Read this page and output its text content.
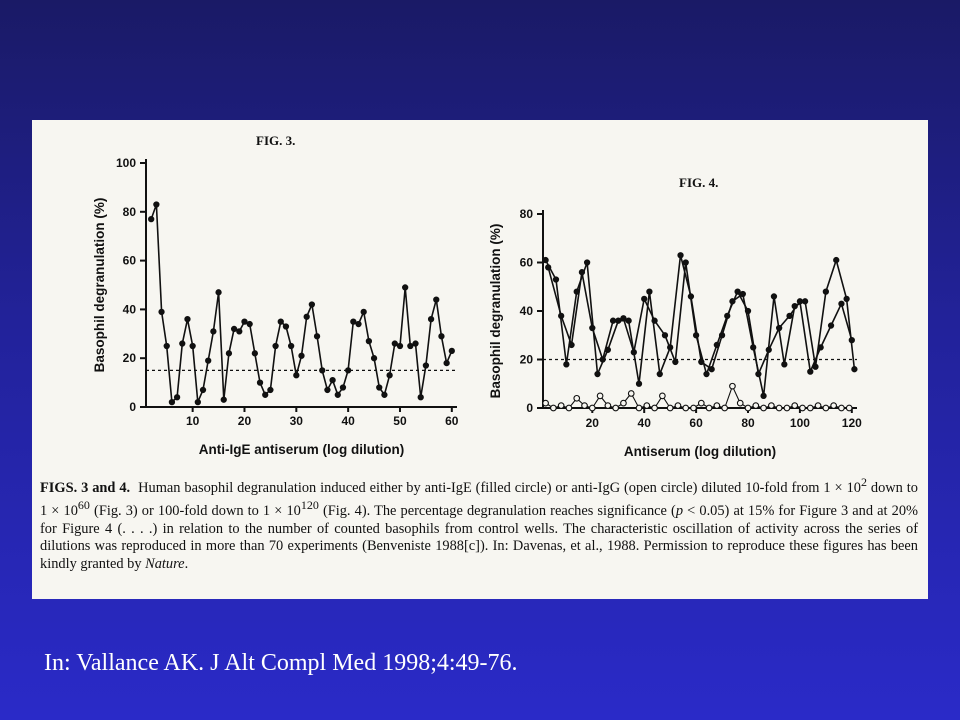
FIG. 3.
0
20
40
60
80
100
10	20	30	40	50	60
Basophil degranulation (%)
Anti-IgE antiserum (log dilution)
FIG. 4.
0
20
40
60
80
20	40	60	80	100	120
Basophil degranulation (%)
Antiserum (log dilution)

FIGS. 3 and 4. Human basophil degranulation induced either by anti-IgE (filled circle) or anti-IgG (open circle) diluted 10-fold from $1 \times 10^2$ down to $1 \times 10^{60}$ (Fig. 3) or 100-fold down to $1 \times 10^{120}$ (Fig. 4). The percentage degranulation reaches significance (p < 0.05) at 15% for Figure 3 and at 20% for Figure 4 (. . . .) in relation to the number of counted basophils from control wells. The characteristic oscillation of activity across the series of dilutions was reproduced in more than 70 experiments (Benveniste 1988[c]). In: Davenas, et al., 1988. Permission to reproduce these figures has been kindly granted by Nature.

In: Vallance AK. J Alt Compl Med 1998;4:49-76.
